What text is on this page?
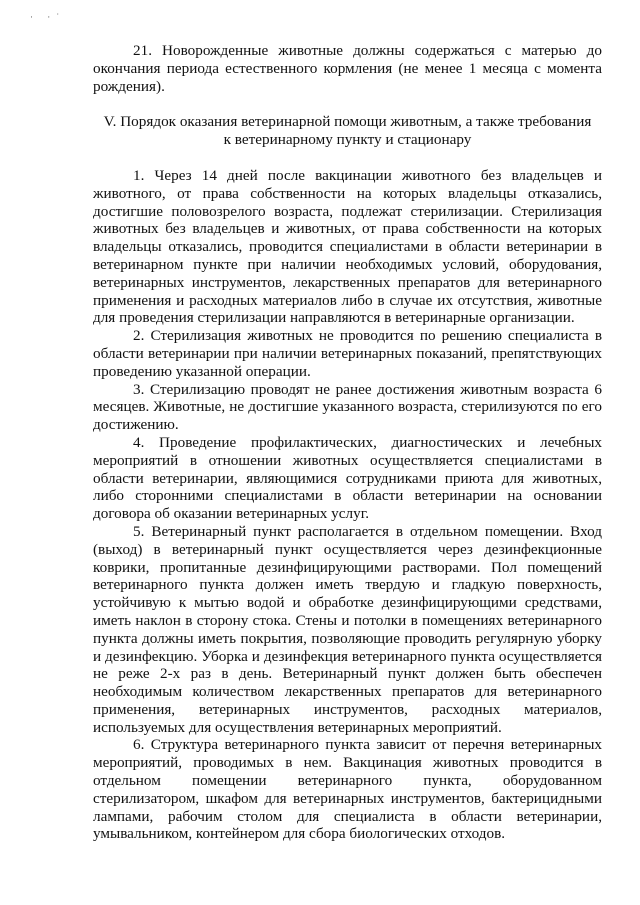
· ·˙

21. Новорожденные животные должны содержаться с матерью до окончания периода естественного кормления (не менее 1 месяца с момента рождения).

V. Порядок оказания ветеринарной помощи животным, а также требования к ветеринарному пункту и стационару

1. Через 14 дней после вакцинации животного без владельцев и животного, от права собственности на которых владельцы отказались, достигшие половозрелого возраста, подлежат стерилизации. Стерилизация животных без владельцев и животных, от права собственности на которых владельцы отказались, проводится специалистами в области ветеринарии в ветеринарном пункте при наличии необходимых условий, оборудования, ветеринарных инструментов, лекарственных препаратов для ветеринарного применения и расходных материалов либо в случае их отсутствия, животные для проведения стерилизации направляются в ветеринарные организации.

2. Стерилизация животных не проводится по решению специалиста в области ветеринарии при наличии ветеринарных показаний, препятствующих проведению указанной операции.

3. Стерилизацию проводят не ранее достижения животным возраста 6 месяцев. Животные, не достигшие указанного возраста, стерилизуются по его достижению.

4. Проведение профилактических, диагностических и лечебных мероприятий в отношении животных осуществляется специалистами в области ветеринарии, являющимися сотрудниками приюта для животных, либо сторонними специалистами в области ветеринарии на основании договора об оказании ветеринарных услуг.

5. Ветеринарный пункт располагается в отдельном помещении. Вход (выход) в ветеринарный пункт осуществляется через дезинфекционные коврики, пропитанные дезинфицирующими растворами. Пол помещений ветеринарного пункта должен иметь твердую и гладкую поверхность, устойчивую к мытью водой и обработке дезинфицирующими средствами, иметь наклон в сторону стока. Стены и потолки в помещениях ветеринарного пункта должны иметь покрытия, позволяющие проводить регулярную уборку и дезинфекцию. Уборка и дезинфекция ветеринарного пункта осуществляется не реже 2-х раз в день. Ветеринарный пункт должен быть обеспечен необходимым количеством лекарственных препаратов для ветеринарного применения, ветеринарных инструментов, расходных материалов, используемых для осуществления ветеринарных мероприятий.

6. Структура ветеринарного пункта зависит от перечня ветеринарных мероприятий, проводимых в нем. Вакцинация животных проводится в отдельном помещении ветеринарного пункта, оборудованном стерилизатором, шкафом для ветеринарных инструментов, бактерицидными лампами, рабочим столом для специалиста в области ветеринарии, умывальником, контейнером для сбора биологических отходов.
